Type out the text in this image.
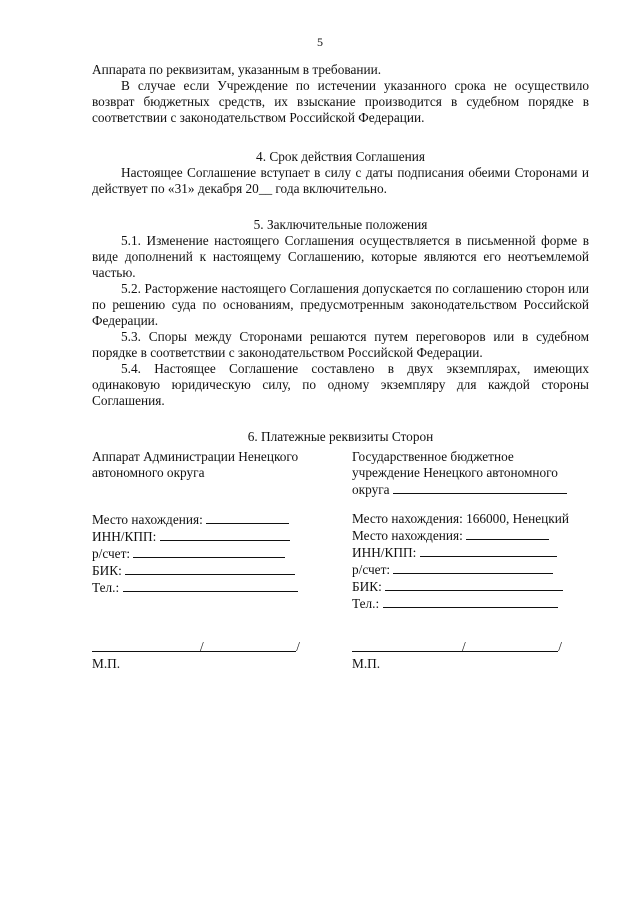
5

Аппарата по реквизитам, указанным в требовании.

В случае если Учреждение по истечении указанного срока не осуществило возврат бюджетных средств, их взыскание производится в судебном порядке в соответствии с законодательством Российской Федерации.

4. Срок действия Соглашения

Настоящее Соглашение вступает в силу с даты подписания обеими Сторонами и действует по «31» декабря 20__ года включительно.

5. Заключительные положения

5.1. Изменение настоящего Соглашения осуществляется в письменной форме в виде дополнений к настоящему Соглашению, которые являются его неотъемлемой частью.

5.2. Расторжение настоящего Соглашения допускается по соглашению сторон или по решению суда по основаниям, предусмотренным законодательством Российской Федерации.

5.3. Споры между Сторонами решаются путем переговоров или в судебном порядке в соответствии с законодательством Российской Федерации.

5.4. Настоящее Соглашение составлено в двух экземплярах, имеющих одинаковую юридическую силу, по одному экземпляру для каждой стороны Соглашения.

6. Платежные реквизиты Сторон

Аппарат Администрации Ненецкого
автономного округа
Место нахождения:
ИНН/КПП:
р/счет:
БИК:
Тел.:
/	/
М.П.
Государственное бюджетное
учреждение Ненецкого автономного
округа
Место нахождения: 166000, Ненецкий
Место нахождения:
ИНН/КПП:
р/счет:
БИК:
Тел.:
/	/
М.П.
